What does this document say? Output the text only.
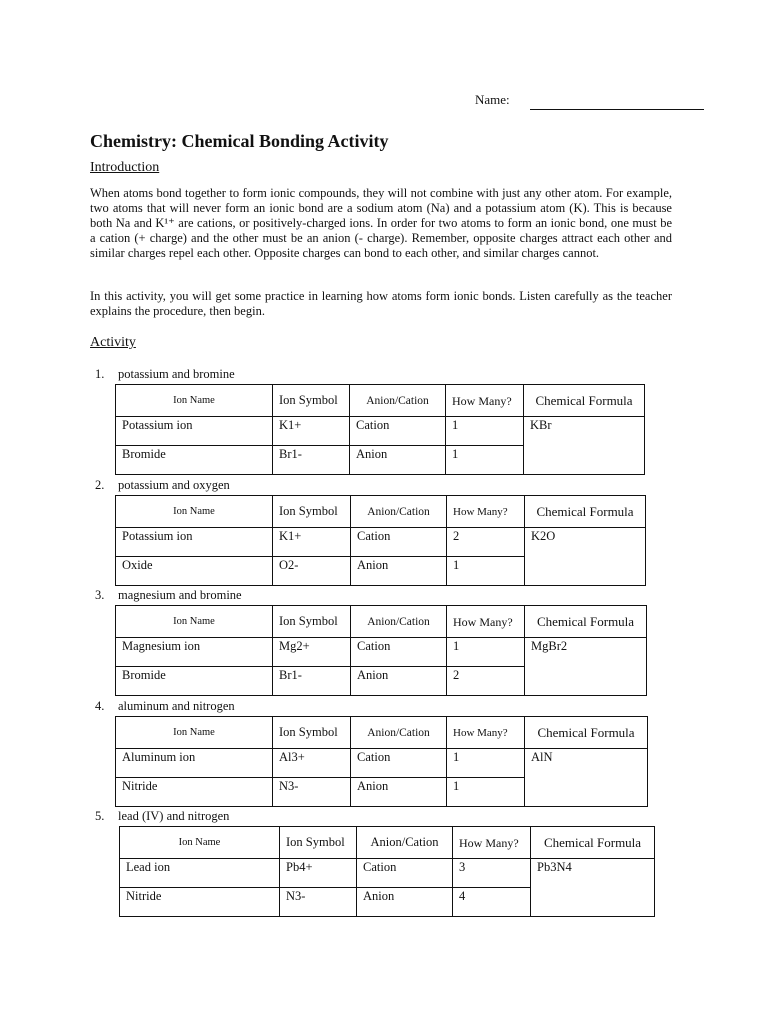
Name:
Chemistry: Chemical Bonding Activity
Introduction
When atoms bond together to form ionic compounds, they will not combine with just any other atom. For example, two atoms that will never form an ionic bond are a sodium atom (Na) and a potassium atom (K). This is because both Na and K¹⁺ are cations, or positively-charged ions. In order for two atoms to form an ionic bond, one must be a cation (+ charge) and the other must be an anion (- charge). Remember, opposite charges attract each other and similar charges repel each other. Opposite charges can bond to each other, and similar charges cannot.
In this activity, you will get some practice in learning how atoms form ionic bonds. Listen carefully as the teacher explains the procedure, then begin.
Activity
1. potassium and bromine
Ion Name	Ion Symbol	Anion/Cation	How Many?	Chemical Formula
Potassium ion	K1+	Cation	1	KBr
Bromide	Br1-	Anion	1	
2. potassium and oxygen
Ion Name	Ion Symbol	Anion/Cation	How Many?	Chemical Formula
Potassium ion	K1+	Cation	2	K2O
Oxide	O2-	Anion	1	
3. magnesium and bromine
Ion Name	Ion Symbol	Anion/Cation	How Many?	Chemical Formula
Magnesium ion	Mg2+	Cation	1	MgBr2
Bromide	Br1-	Anion	2	
4. aluminum and nitrogen
Ion Name	Ion Symbol	Anion/Cation	How Many?	Chemical Formula
Aluminum ion	Al3+	Cation	1	AlN
Nitride	N3-	Anion	1	
5. lead (IV) and nitrogen
Ion Name	Ion Symbol	Anion/Cation	How Many?	Chemical Formula
Lead ion	Pb4+	Cation	3	Pb3N4
Nitride	N3-	Anion	4	
